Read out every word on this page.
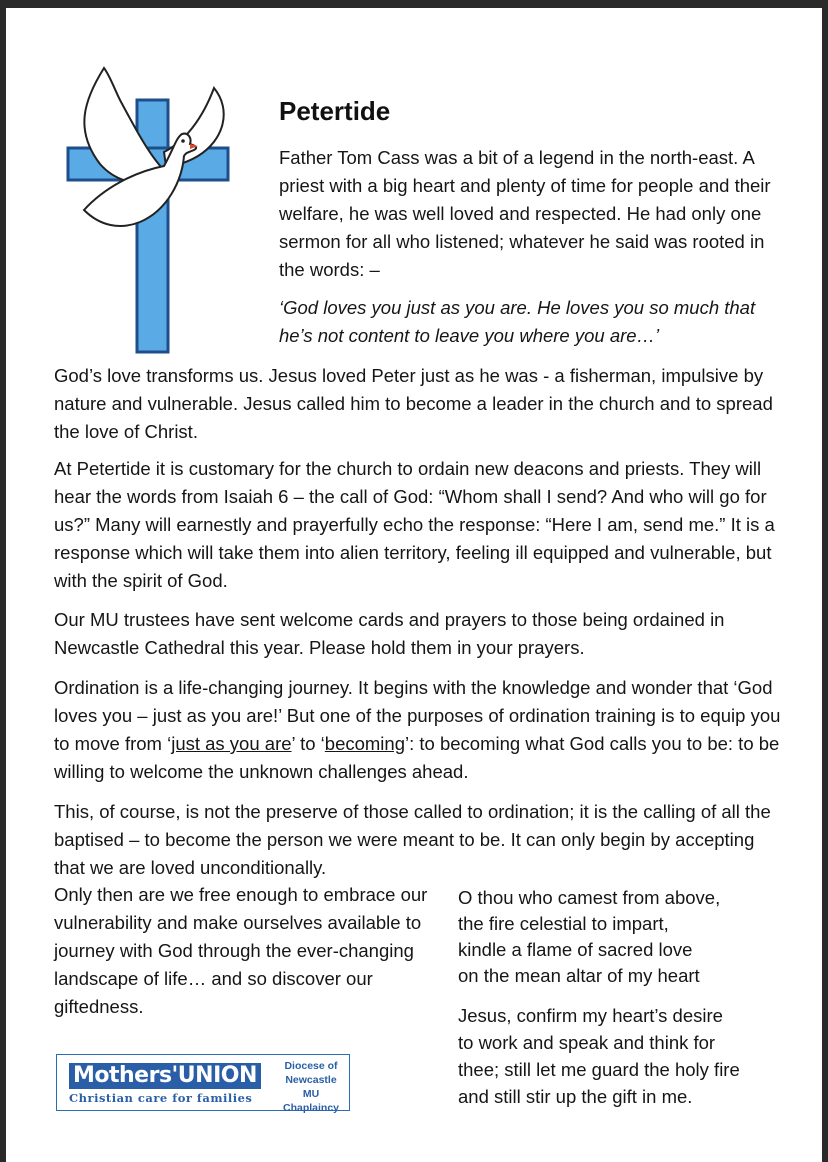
Petertide

Father Tom Cass was a bit of a legend in the north-east. A priest with a big heart and plenty of time for people and their welfare, he was well loved and respected. He had only one sermon for all who listened; whatever he said was rooted in the words: –

‘God loves you just as you are. He loves you so much that he’s not content to leave you where you are…’

God’s love transforms us. Jesus loved Peter just as he was - a fisherman, impulsive by nature and vulnerable. Jesus called him to become a leader in the church and to spread the love of Christ.

At Petertide it is customary for the church to ordain new deacons and priests. They will hear the words from Isaiah 6 – the call of God: “Whom shall I send? And who will go for us?” Many will earnestly and prayerfully echo the response: “Here I am, send me.” It is a response which will take them into alien territory, feeling ill equipped and vulnerable, but with the spirit of God.

Our MU trustees have sent welcome cards and prayers to those being ordained in Newcastle Cathedral this year. Please hold them in your prayers.

Ordination is a life-changing journey. It begins with the knowledge and wonder that ‘God loves you – just as you are!’ But one of the purposes of ordination training is to equip you to move from ‘just as you are’ to ‘becoming’: to becoming what God calls you to be: to be willing to welcome the unknown challenges ahead.

This, of course, is not the preserve of those called to ordination; it is the calling of all the baptised – to become the person we were meant to be. It can only begin by accepting that we are loved unconditionally.

Only then are we free enough to embrace our vulnerability and make ourselves available to journey with God through the ever-changing landscape of life… and so discover our giftedness.

O thou who camest from above,
the fire celestial to impart,
kindle a flame of sacred love
on the mean altar of my heart

Jesus, confirm my heart’s desire
to work and speak and think for
thee; still let me guard the holy fire
and still stir up the gift in me.

Mothers'UNION
Christian care for families
Diocese of
Newcastle
MU Chaplaincy
